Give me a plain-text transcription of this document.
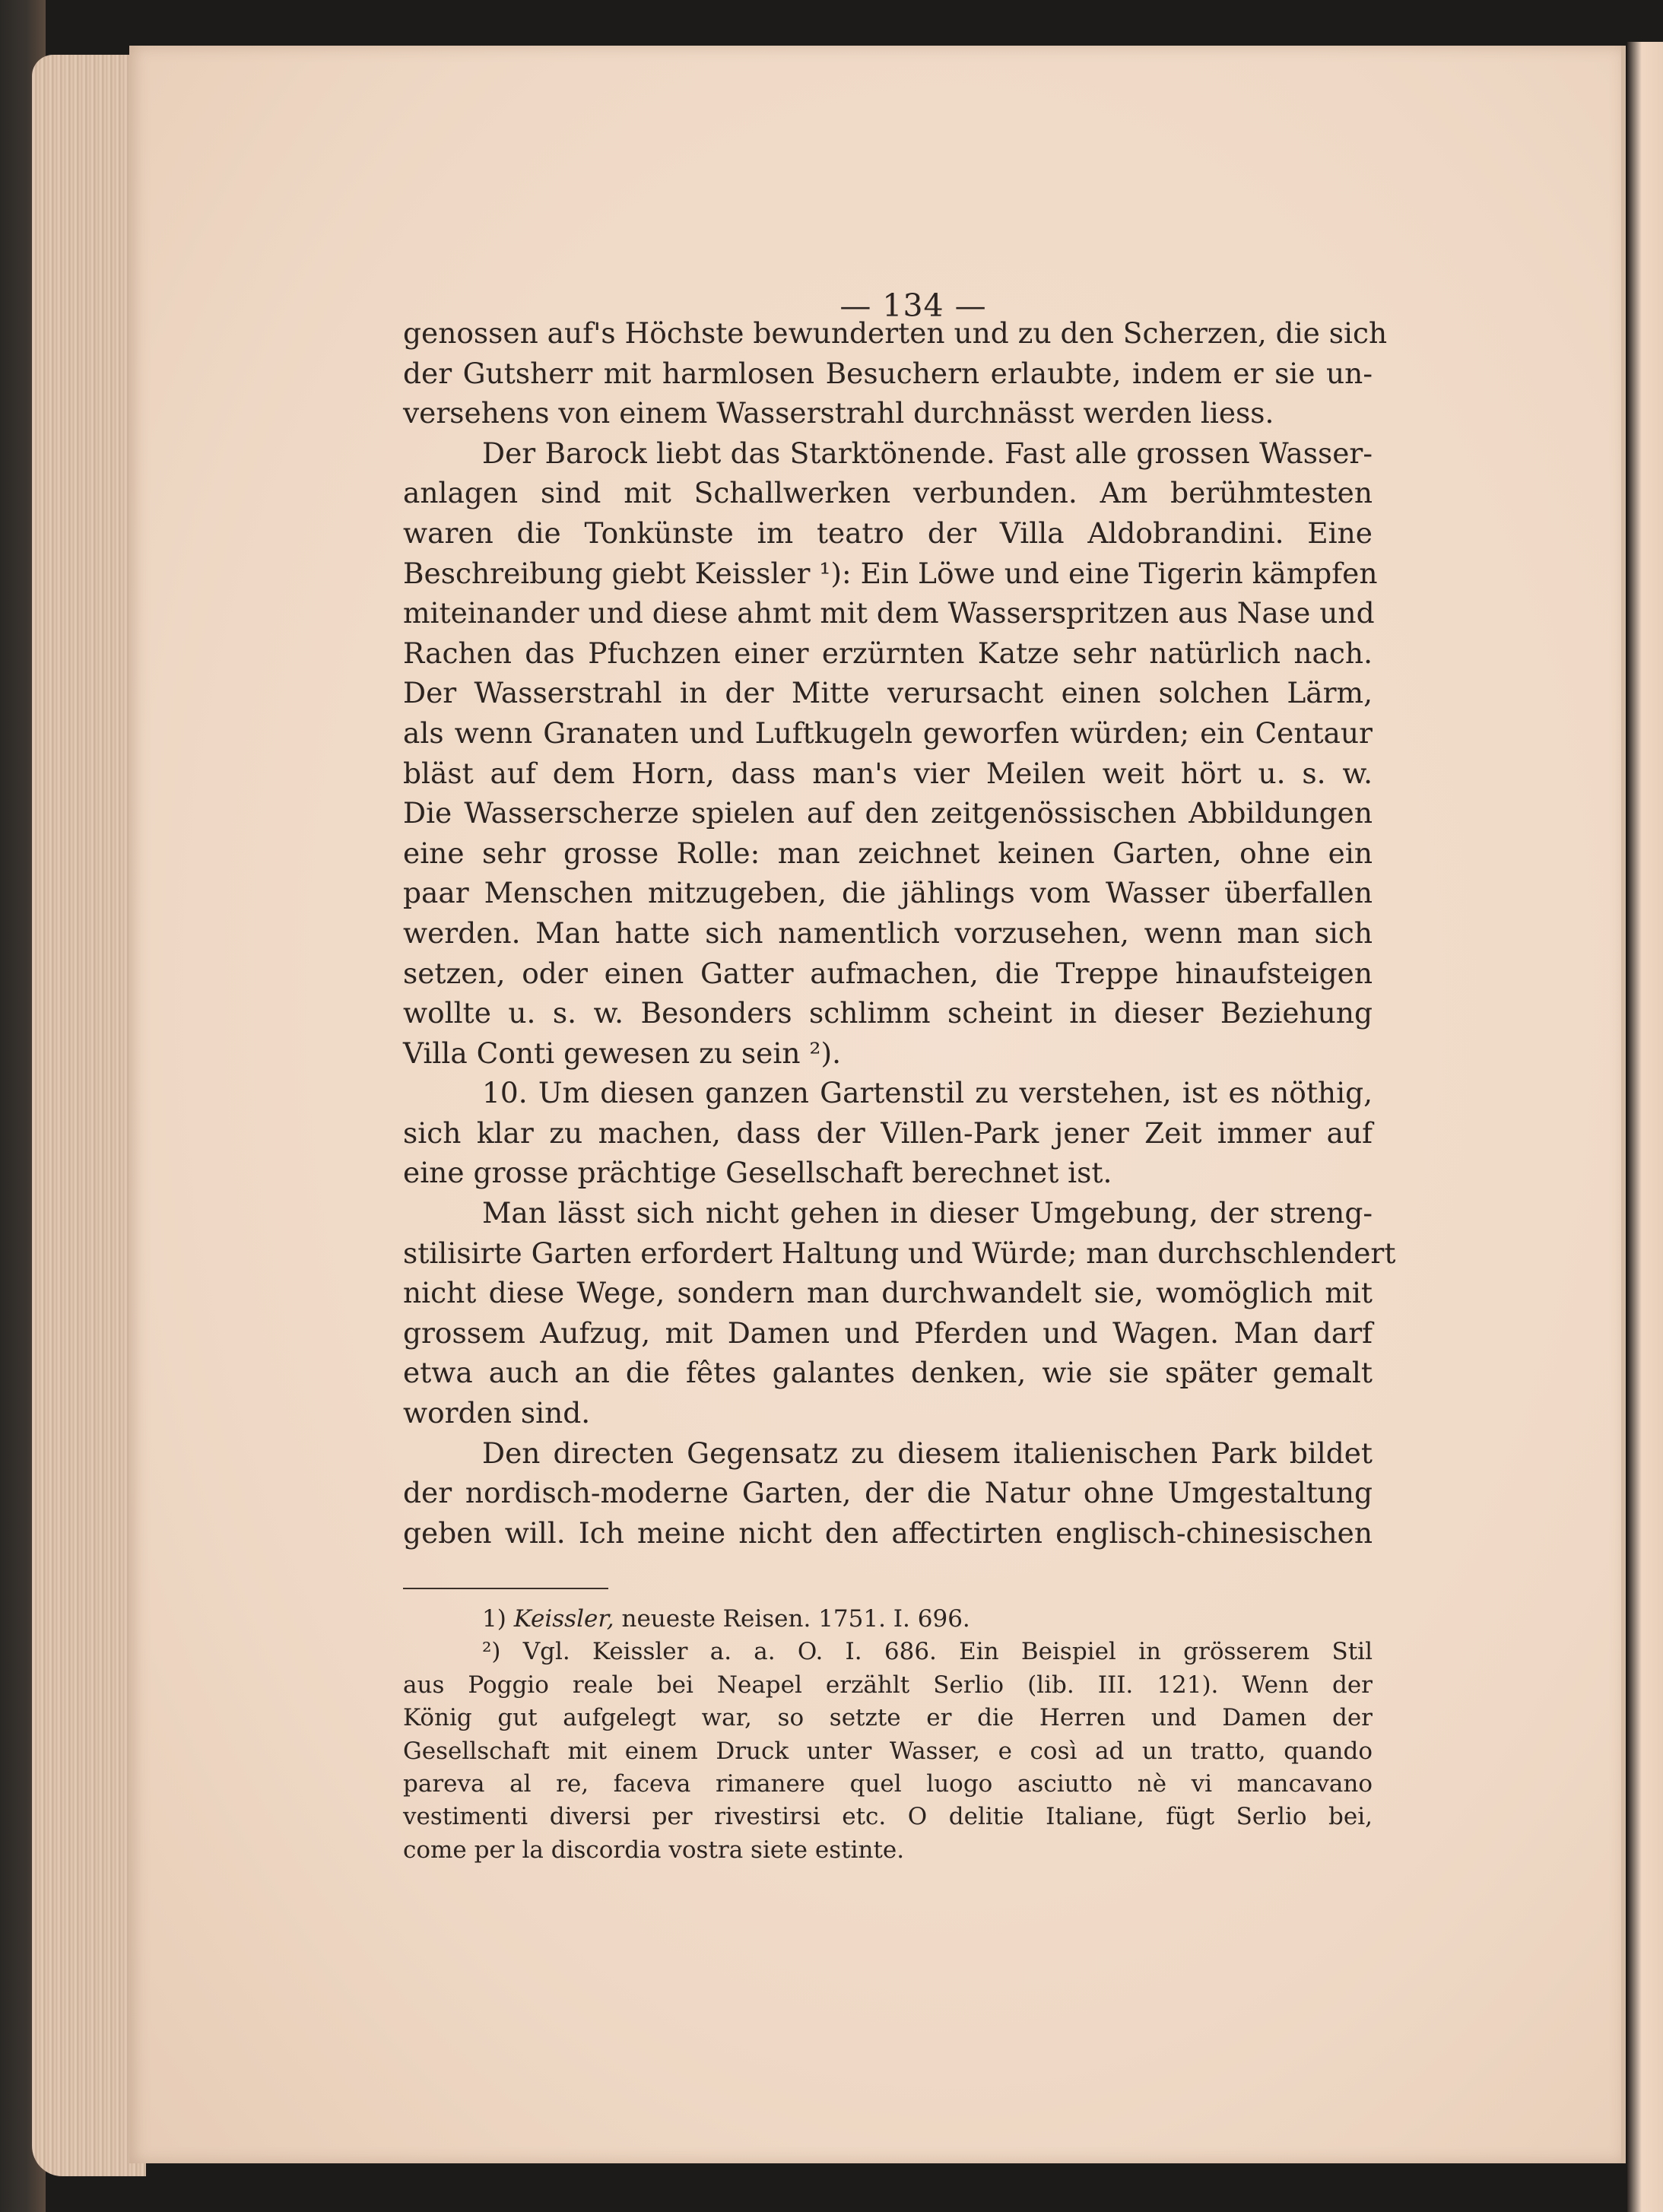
— 134 —
genossen auf's Höchste bewunderten und zu den Scherzen, die sich
der Gutsherr mit harmlosen Besuchern erlaubte, indem er sie un-
versehens von einem Wasserstrahl durchnässt werden liess.
Der Barock liebt das Starktönende. Fast alle grossen Wasser-
anlagen sind mit Schallwerken verbunden. Am berühmtesten
waren die Tonkünste im teatro der Villa Aldobrandini. Eine
Beschreibung giebt Keissler ¹): Ein Löwe und eine Tigerin kämpfen
miteinander und diese ahmt mit dem Wasserspritzen aus Nase und
Rachen das Pfuchzen einer erzürnten Katze sehr natürlich nach.
Der Wasserstrahl in der Mitte verursacht einen solchen Lärm,
als wenn Granaten und Luftkugeln geworfen würden; ein Centaur
bläst auf dem Horn, dass man's vier Meilen weit hört u. s. w.
Die Wasserscherze spielen auf den zeitgenössischen Abbildungen
eine sehr grosse Rolle: man zeichnet keinen Garten, ohne ein
paar Menschen mitzugeben, die jählings vom Wasser überfallen
werden. Man hatte sich namentlich vorzusehen, wenn man sich
setzen, oder einen Gatter aufmachen, die Treppe hinaufsteigen
wollte u. s. w. Besonders schlimm scheint in dieser Beziehung
Villa Conti gewesen zu sein ²).
10. Um diesen ganzen Gartenstil zu verstehen, ist es nöthig,
sich klar zu machen, dass der Villen-Park jener Zeit immer auf
eine grosse prächtige Gesellschaft berechnet ist.
Man lässt sich nicht gehen in dieser Umgebung, der streng-
stilisirte Garten erfordert Haltung und Würde; man durchschlendert
nicht diese Wege, sondern man durchwandelt sie, womöglich mit
grossem Aufzug, mit Damen und Pferden und Wagen. Man darf
etwa auch an die fêtes galantes denken, wie sie später gemalt
worden sind.
Den directen Gegensatz zu diesem italienischen Park bildet
der nordisch-moderne Garten, der die Natur ohne Umgestaltung
geben will. Ich meine nicht den affectirten englisch-chinesischen
1) Keissler, neueste Reisen. 1751. I. 696.
²) Vgl. Keissler a. a. O. I. 686. Ein Beispiel in grösserem Stil
aus Poggio reale bei Neapel erzählt Serlio (lib. III. 121). Wenn der
König gut aufgelegt war, so setzte er die Herren und Damen der
Gesellschaft mit einem Druck unter Wasser, e così ad un tratto, quando
pareva al re, faceva rimanere quel luogo asciutto nè vi mancavano
vestimenti diversi per rivestirsi etc. O delitie Italiane, fügt Serlio bei,
come per la discordia vostra siete estinte.
